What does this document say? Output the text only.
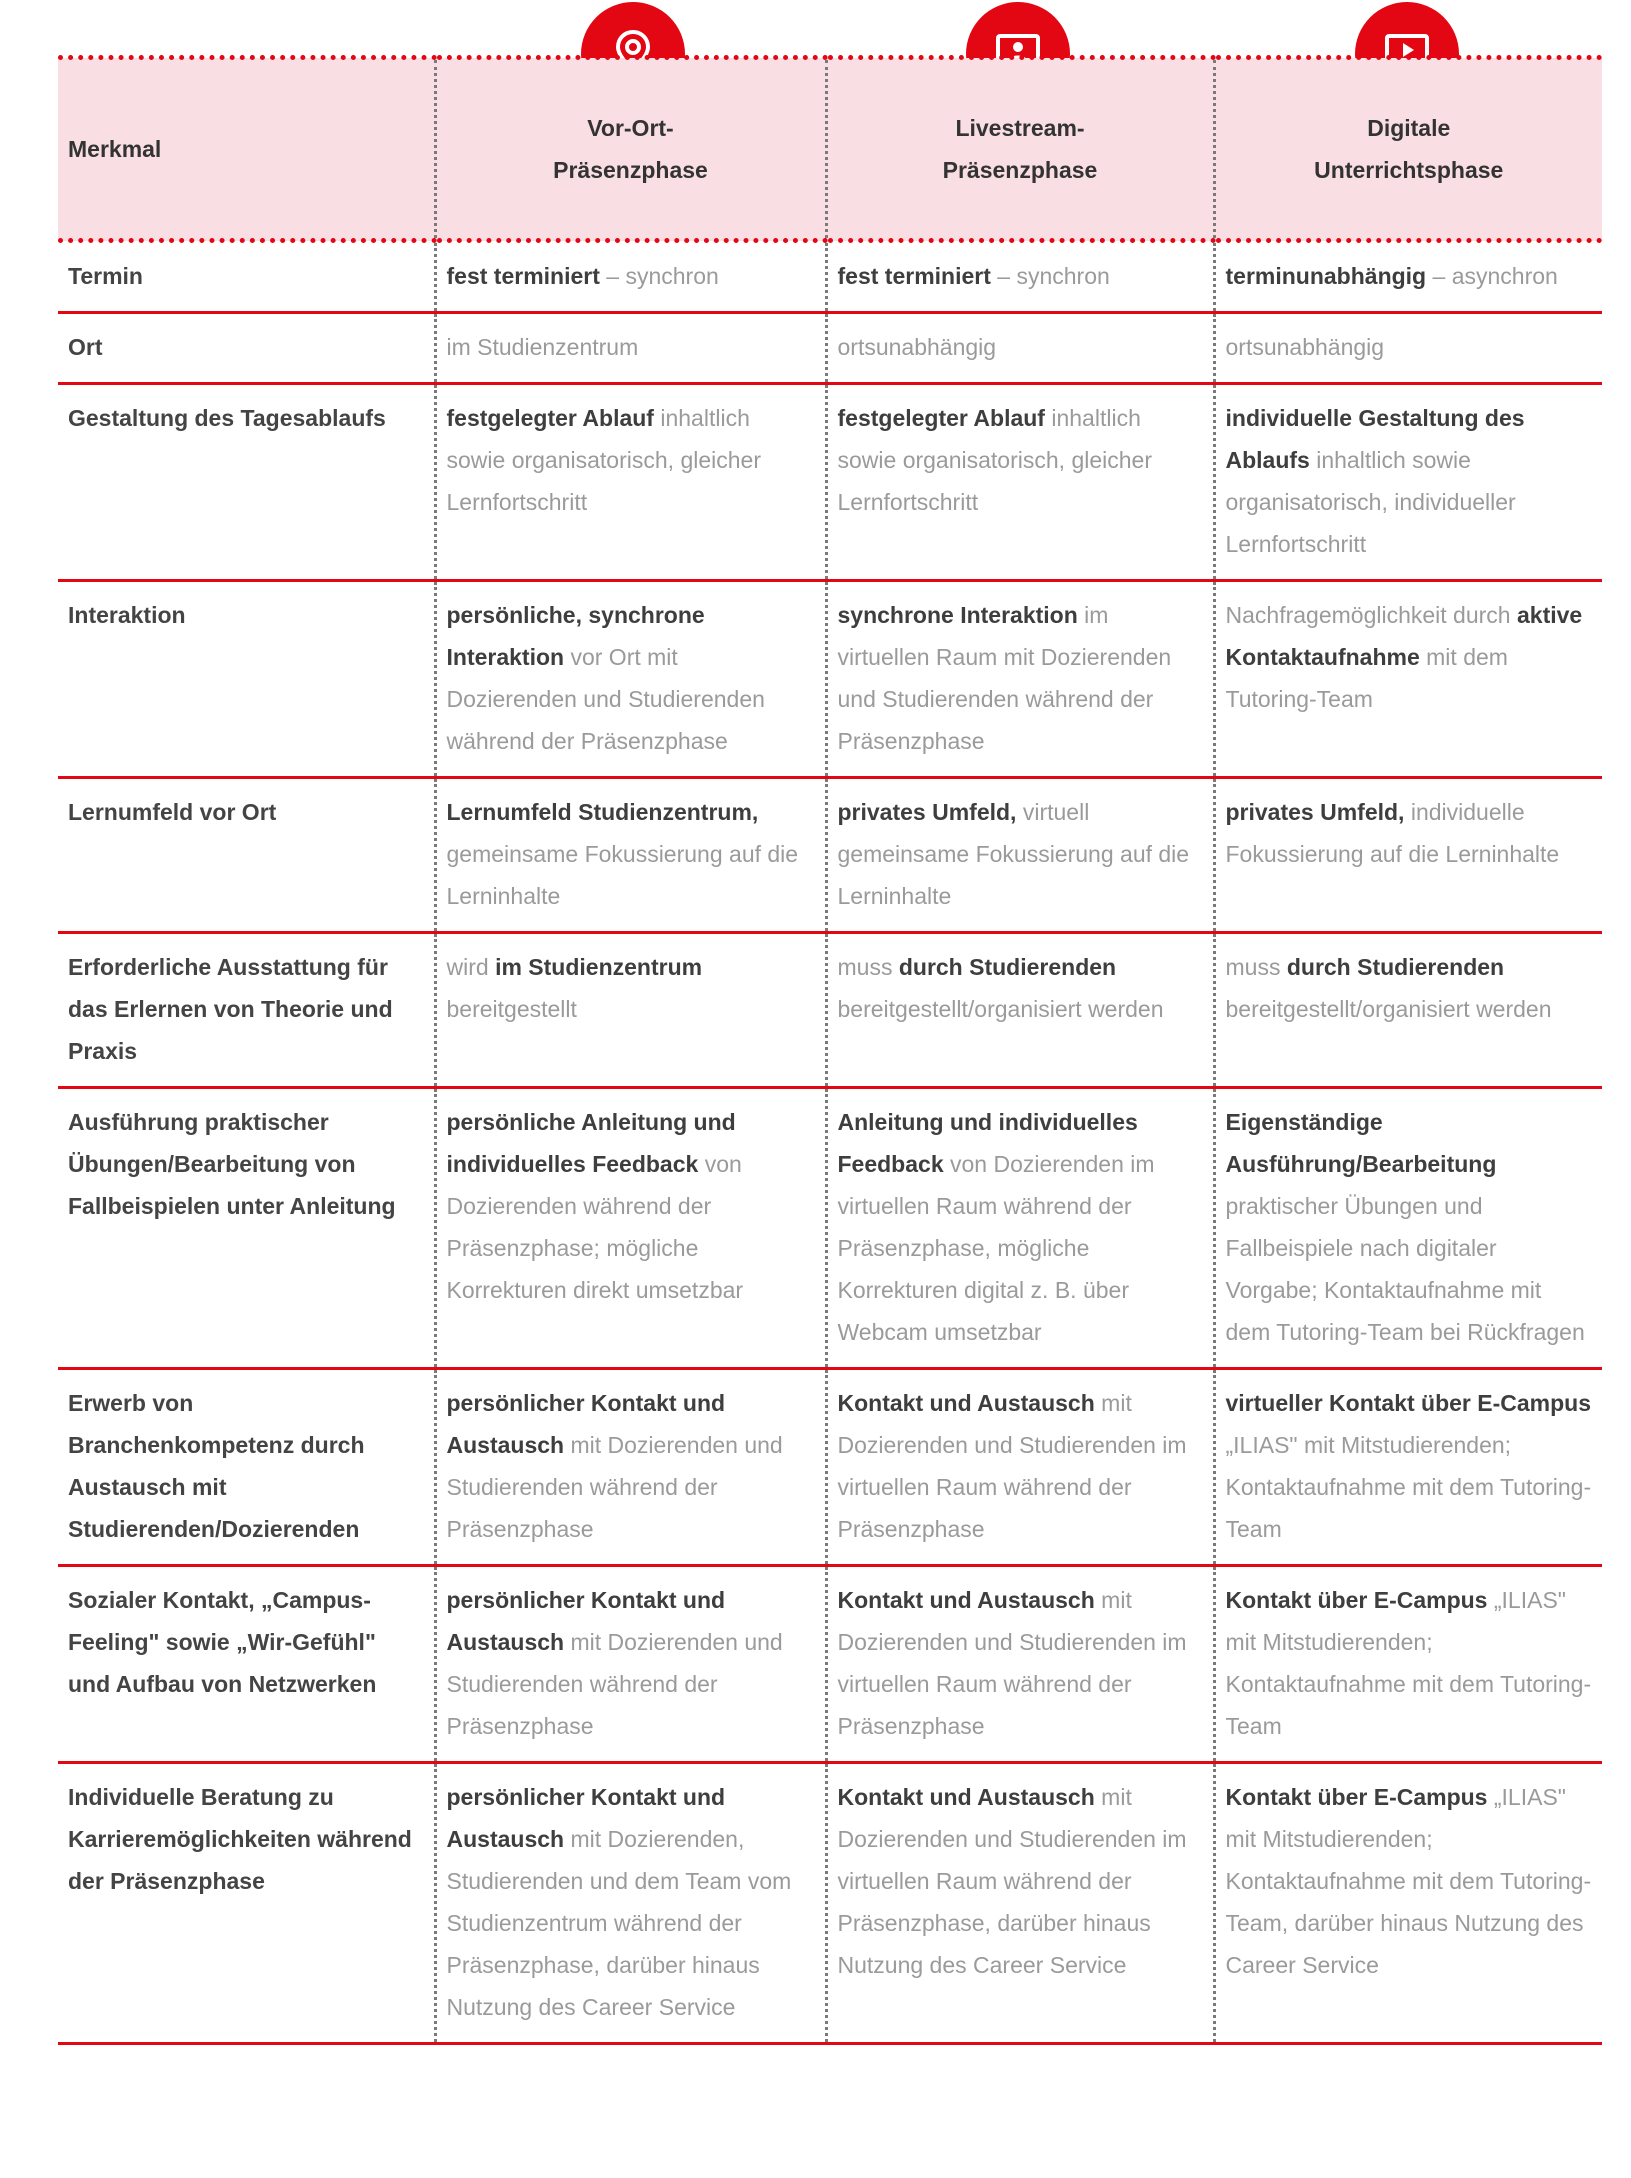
Merkmal	Vor-Ort-Präsenzphase	Livestream-Präsenzphase	Digitale Unterrichtsphase
Termin	fest terminiert – synchron	fest terminiert – synchron	terminunabhängig – asynchron
Ort	im Studienzentrum	ortsunabhängig	ortsunabhängig
Gestaltung des Tagesablaufs	festgelegter Ablauf inhaltlich sowie organisatorisch, gleicher Lernfortschritt	festgelegter Ablauf inhaltlich sowie organisatorisch, gleicher Lernfortschritt	individuelle Gestaltung des Ablaufs inhaltlich sowie organisatorisch, individueller Lernfortschritt
Interaktion	persönliche, synchrone Interaktion vor Ort mit Dozierenden und Studierenden während der Präsenzphase	synchrone Interaktion im virtuellen Raum mit Dozierenden und Studierenden während der Präsenzphase	Nachfragemöglichkeit durch aktive Kontaktaufnahme mit dem Tutoring-Team
Lernumfeld vor Ort	Lernumfeld Studienzentrum, gemeinsame Fokussierung auf die Lerninhalte	privates Umfeld, virtuell gemeinsame Fokussierung auf die Lerninhalte	privates Umfeld, individuelle Fokussierung auf die Lerninhalte
Erforderliche Ausstattung für das Erlernen von Theorie und Praxis	wird im Studienzentrum bereitgestellt	muss durch Studierenden bereitgestellt/organisiert werden	muss durch Studierenden bereitgestellt/organisiert werden
Ausführung praktischer Übungen/Bearbeitung von Fallbeispielen unter Anleitung	persönliche Anleitung und individuelles Feedback von Dozierenden während der Präsenzphase; mögliche Korrekturen direkt umsetzbar	Anleitung und individuelles Feedback von Dozierenden im virtuellen Raum während der Präsenzphase, mögliche Korrekturen digital z. B. über Webcam umsetzbar	Eigenständige Ausführung/Bearbeitung praktischer Übungen und Fallbeispiele nach digitaler Vorgabe; Kontaktaufnahme mit dem Tutoring-Team bei Rückfragen
Erwerb von Branchenkompetenz durch Austausch mit Studierenden/Dozierenden	persönlicher Kontakt und Austausch mit Dozierenden und Studierenden während der Präsenzphase	Kontakt und Austausch mit Dozierenden und Studierenden im virtuellen Raum während der Präsenzphase	virtueller Kontakt über E-Campus „ILIAS" mit Mitstudierenden; Kontaktaufnahme mit dem Tutoring-Team
Sozialer Kontakt, „Campus-Feeling" sowie „Wir-Gefühl" und Aufbau von Netzwerken	persönlicher Kontakt und Austausch mit Dozierenden und Studierenden während der Präsenzphase	Kontakt und Austausch mit Dozierenden und Studierenden im virtuellen Raum während der Präsenzphase	Kontakt über E-Campus „ILIAS" mit Mitstudierenden; Kontaktaufnahme mit dem Tutoring-Team
Individuelle Beratung zu Karrieremöglichkeiten während der Präsenzphase	persönlicher Kontakt und Austausch mit Dozierenden, Studierenden und dem Team vom Studienzentrum während der Präsenzphase, darüber hinaus Nutzung des Career Service	Kontakt und Austausch mit Dozierenden und Studierenden im virtuellen Raum während der Präsenzphase, darüber hinaus Nutzung des Career Service	Kontakt über E-Campus „ILIAS" mit Mitstudierenden; Kontaktaufnahme mit dem Tutoring-Team, darüber hinaus Nutzung des Career Service
